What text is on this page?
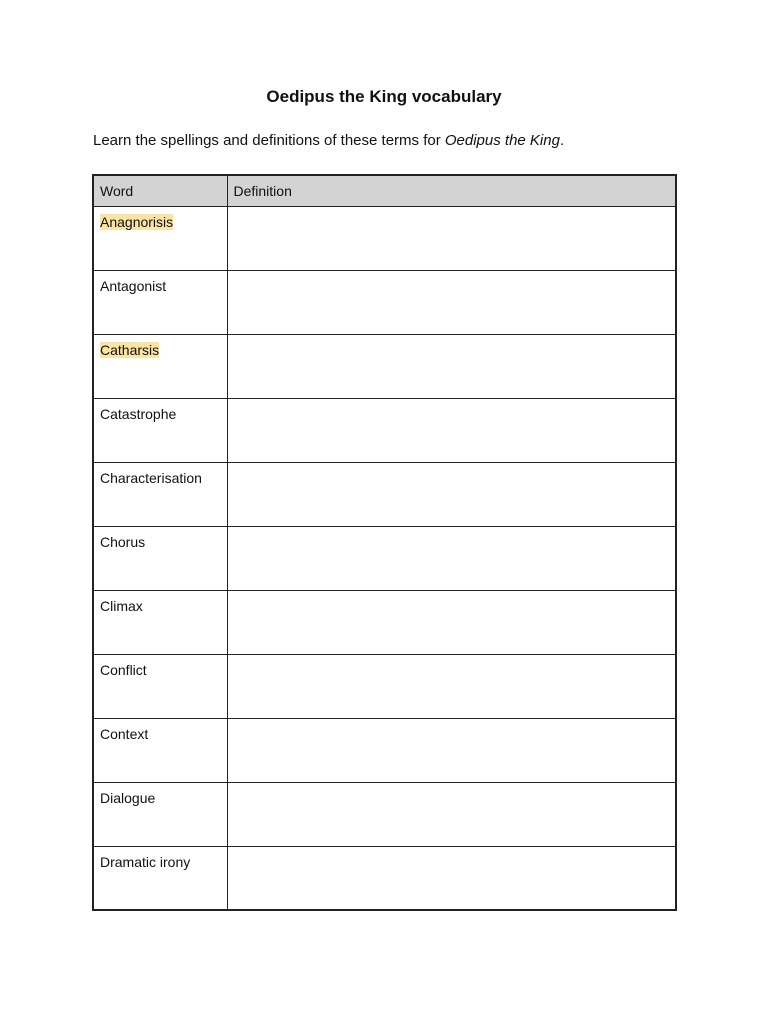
Oedipus the King vocabulary

Learn the spellings and definitions of these terms for Oedipus the King.

Word	Definition
Anagnorisis	
Antagonist	
Catharsis	
Catastrophe	
Characterisation	
Chorus	
Climax	
Conflict	
Context	
Dialogue	
Dramatic irony	
